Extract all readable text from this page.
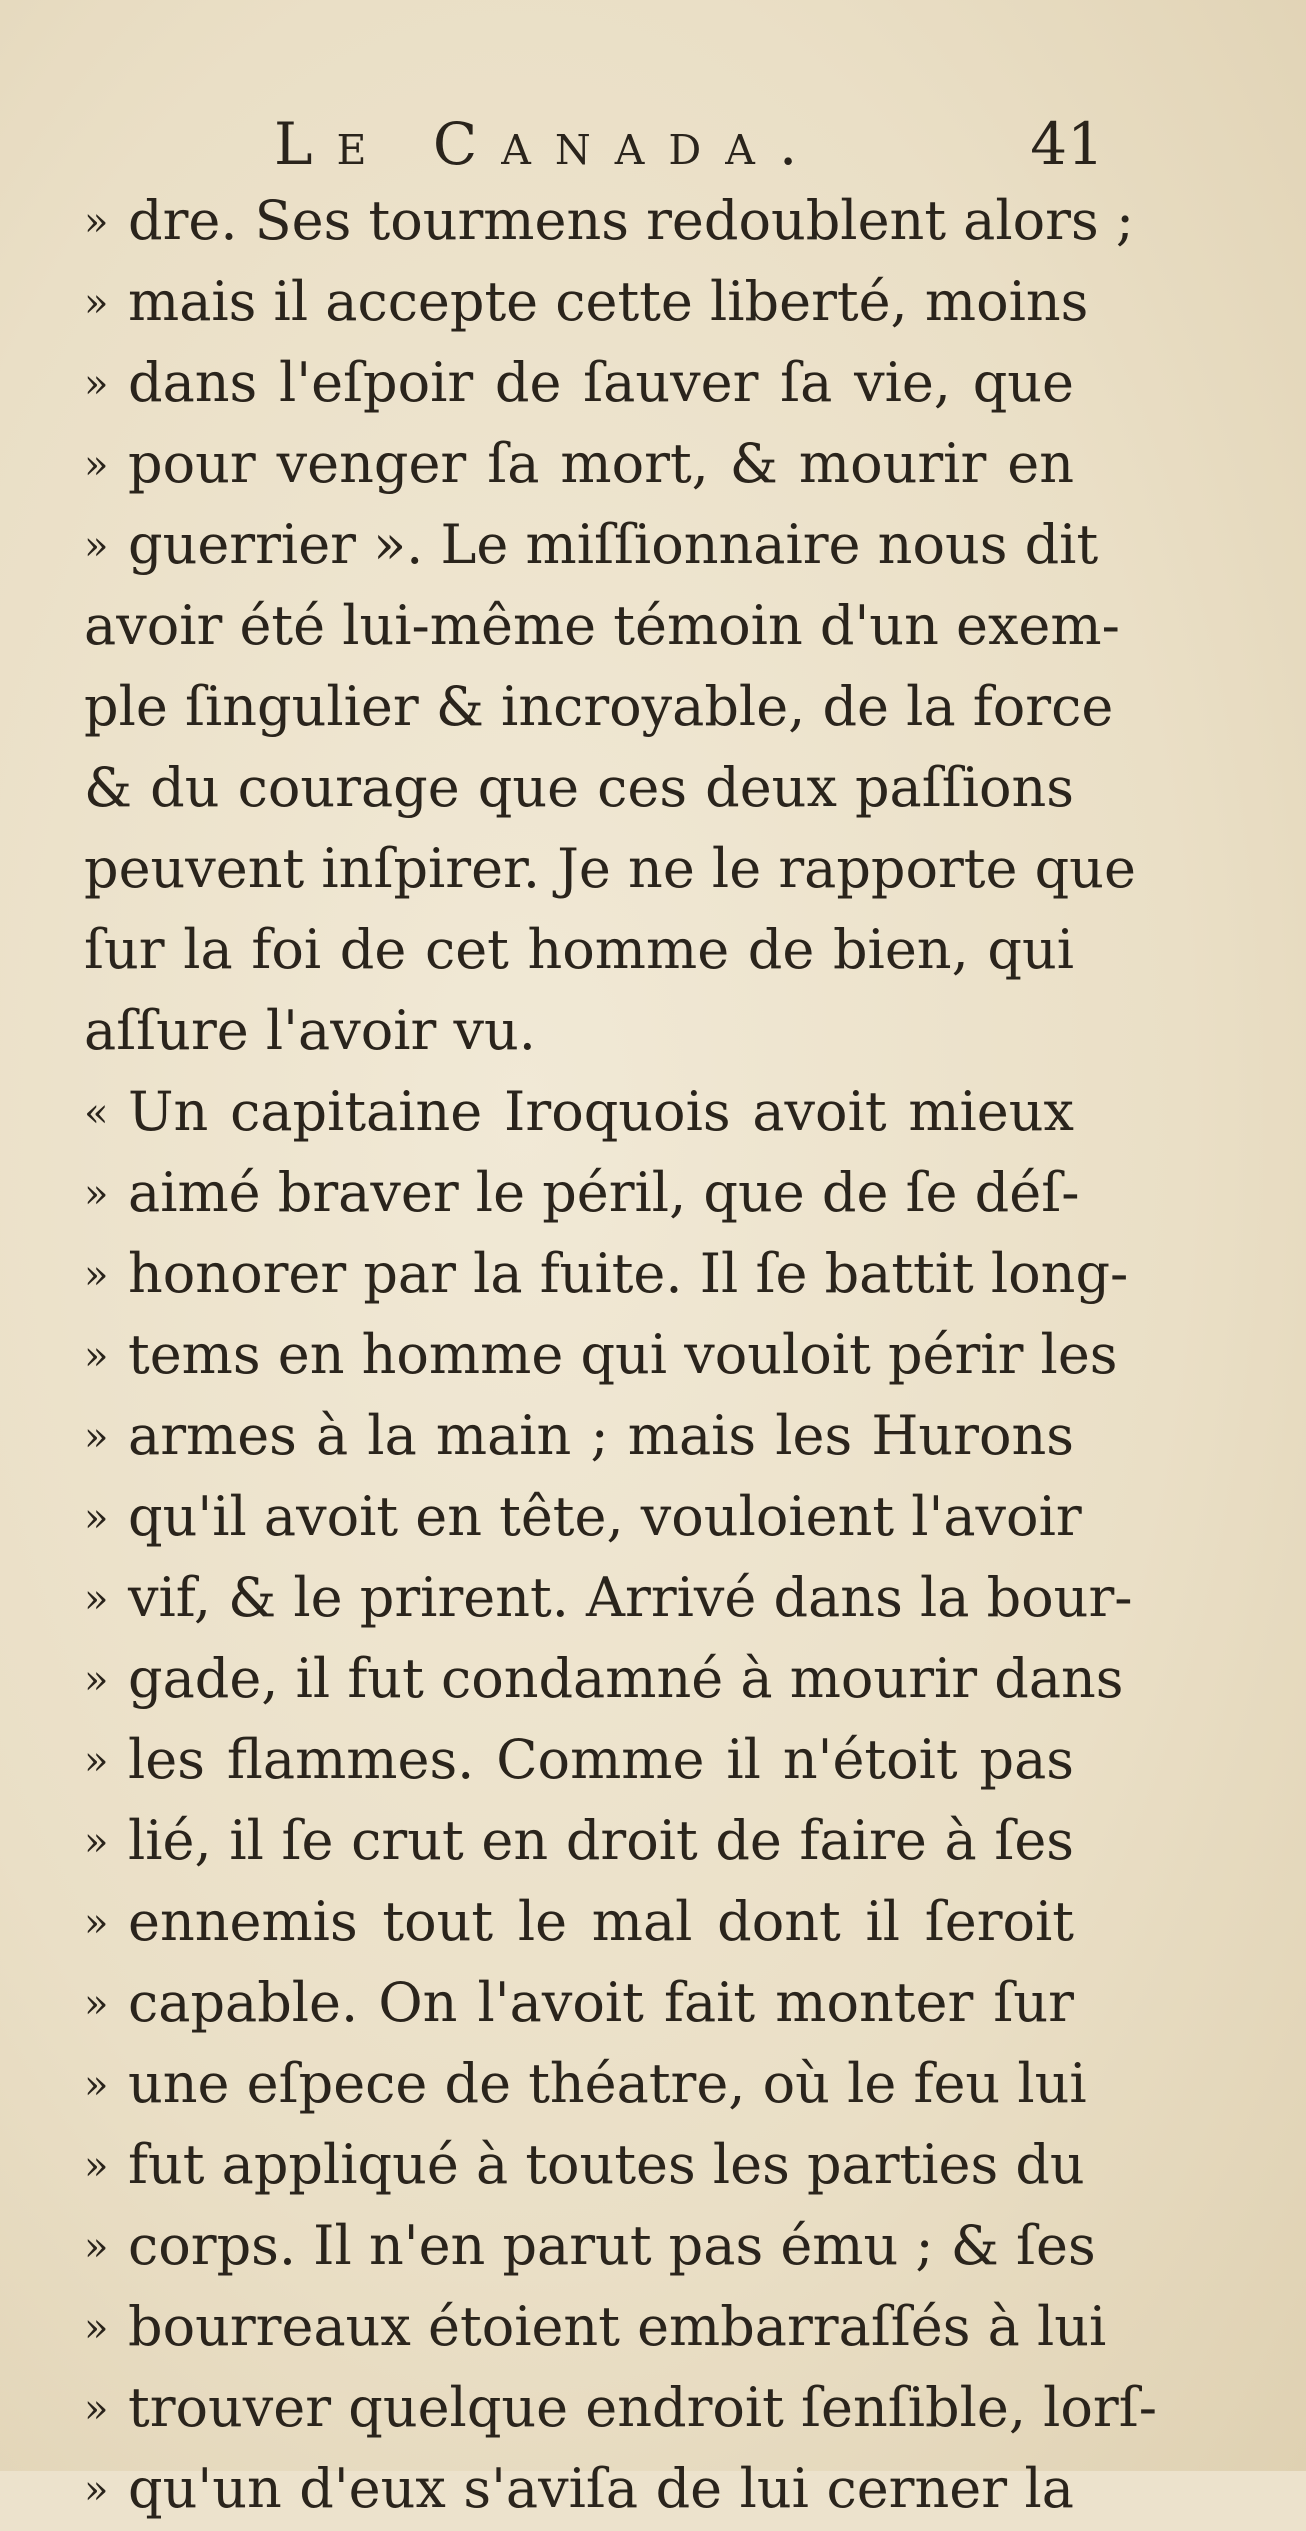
Le Canada.	41
» dre. Ses tourmens redoublent alors ;
» mais il accepte cette liberté, moins
» dans l'eſpoir de ſauver ſa vie, que
» pour venger ſa mort, & mourir en
» guerrier ». Le miſſionnaire nous dit
avoir été lui-même témoin d'un exem-
ple ſingulier & incroyable, de la force
& du courage que ces deux paſſions
peuvent inſpirer. Je ne le rapporte que
ſur la foi de cet homme de bien, qui
aſſure l'avoir vu.
« Un capitaine Iroquois avoit mieux
» aimé braver le péril, que de ſe déſ-
» honorer par la fuite. Il ſe battit long-
» tems en homme qui vouloit périr les
» armes à la main ; mais les Hurons
» qu'il avoit en tête, vouloient l'avoir
» vif, & le prirent. Arrivé dans la bour-
» gade, il fut condamné à mourir dans
» les flammes. Comme il n'étoit pas
» lié, il ſe crut en droit de faire à ſes
» ennemis tout le mal dont il ſeroit
» capable. On l'avoit fait monter ſur
» une eſpece de théatre, où le feu lui
» fut appliqué à toutes les parties du
» corps. Il n'en parut pas ému ; & ſes
» bourreaux étoient embarraſſés à lui
» trouver quelque endroit ſenſible, lorſ-
» qu'un d'eux s'aviſa de lui cerner la
